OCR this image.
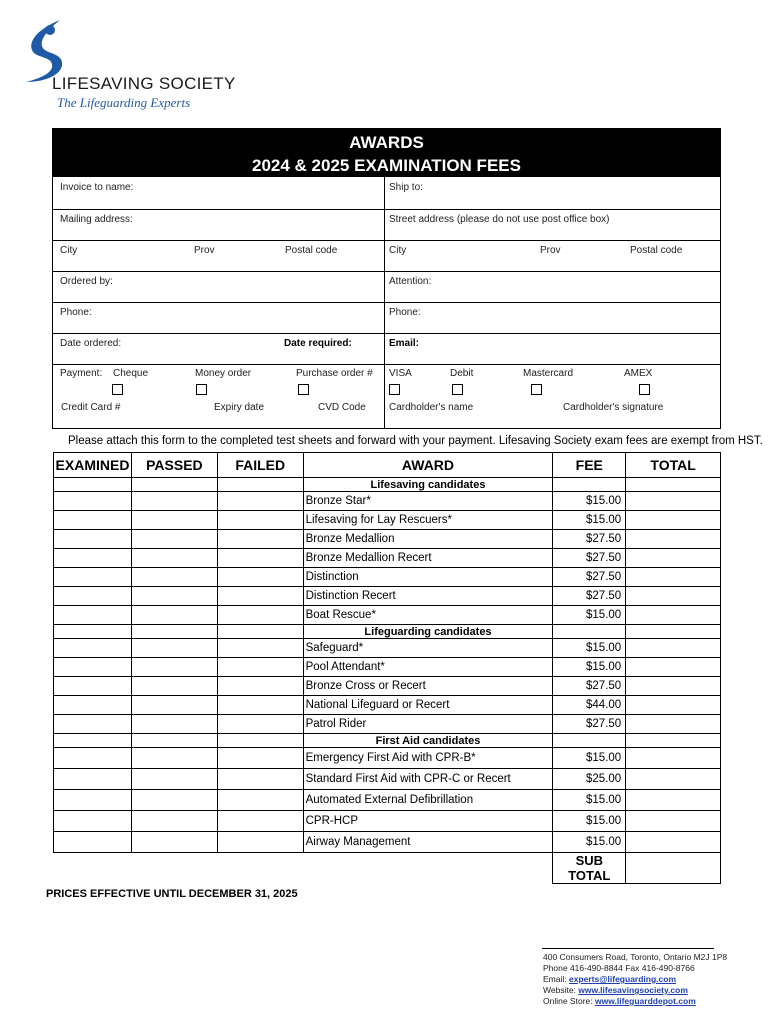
LIFESAVING SOCIETY
The Lifeguarding Experts
AWARDS
2024 & 2025 EXAMINATION FEES
Invoice to name:	Ship to:
Mailing address:	Street address (please do not use post office box)
City	Prov	Postal code	City	Prov	Postal code
Ordered by:	Attention:
Phone:	Phone:
Date ordered:	Date required:	Email:
Payment: Cheque	Money order	Purchase order # VISA	Debit	Mastercard	AMEX
Credit Card #	Expiry date	CVD Code Cardholder's name	Cardholder's signature
Please attach this form to the completed test sheets and forward with your payment. Lifesaving Society exam fees are exempt from HST.
EXAMINED	PASSED	FAILED	AWARD	FEE	TOTAL
			Lifesaving candidates		
			Bronze Star*	$15.00	
			Lifesaving for Lay Rescuers*	$15.00	
			Bronze Medallion	$27.50	
			Bronze Medallion Recert	$27.50	
			Distinction	$27.50	
			Distinction Recert	$27.50	
			Boat Rescue*	$15.00	
			Lifeguarding candidates		
			Safeguard*	$15.00	
			Pool Attendant*	$15.00	
			Bronze Cross or Recert	$27.50	
			National Lifeguard or Recert	$44.00	
			Patrol Rider	$27.50	
			First Aid candidates		
			Emergency First Aid with CPR-B*	$15.00	
			Standard First Aid with CPR-C or Recert	$25.00	
			Automated External Defibrillation	$15.00	
			CPR-HCP	$15.00	
			Airway Management	$15.00	
				SUB TOTAL	
PRICES EFFECTIVE UNTIL DECEMBER 31, 2025
400 Consumers Road, Toronto, Ontario M2J 1P8
Phone 416-490-8844 Fax 416-490-8766
Email: experts@lifeguarding.com
Website: www.lifesavingsociety.com
Online Store: www.lifeguarddepot.com
